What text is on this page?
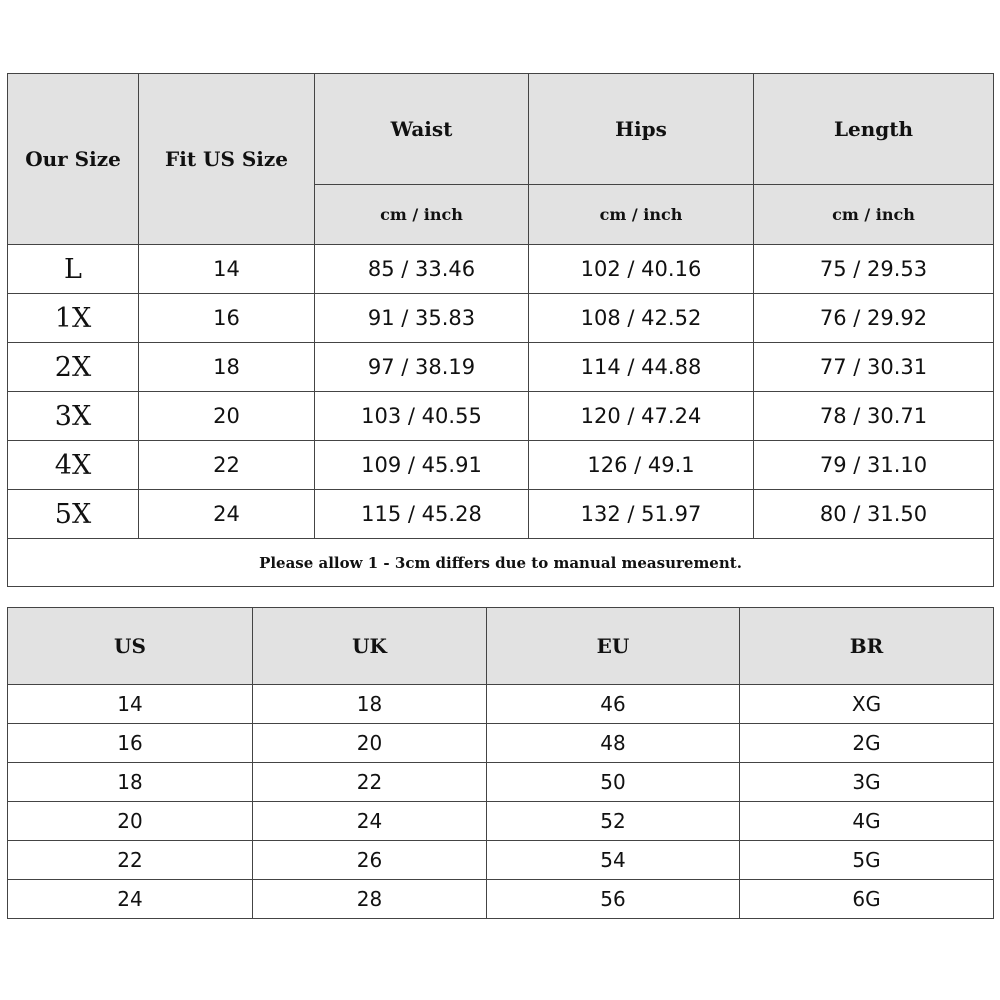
Our Size	Fit US Size	Waist	Hips	Length
		cm / inch	cm / inch	cm / inch
L	14	85 / 33.46	102 / 40.16	75 / 29.53
1X	16	91 / 35.83	108 / 42.52	76 / 29.92
2X	18	97 / 38.19	114 / 44.88	77 / 30.31
3X	20	103 / 40.55	120 / 47.24	78 / 30.71
4X	22	109 / 45.91	126 / 49.1	79 / 31.10
5X	24	115 / 45.28	132 / 51.97	80 / 31.50
Please allow 1 - 3cm differs due to manual measurement.				
US	UK	EU	BR
14	18	46	XG
16	20	48	2G
18	22	50	3G
20	24	52	4G
22	26	54	5G
24	28	56	6G
